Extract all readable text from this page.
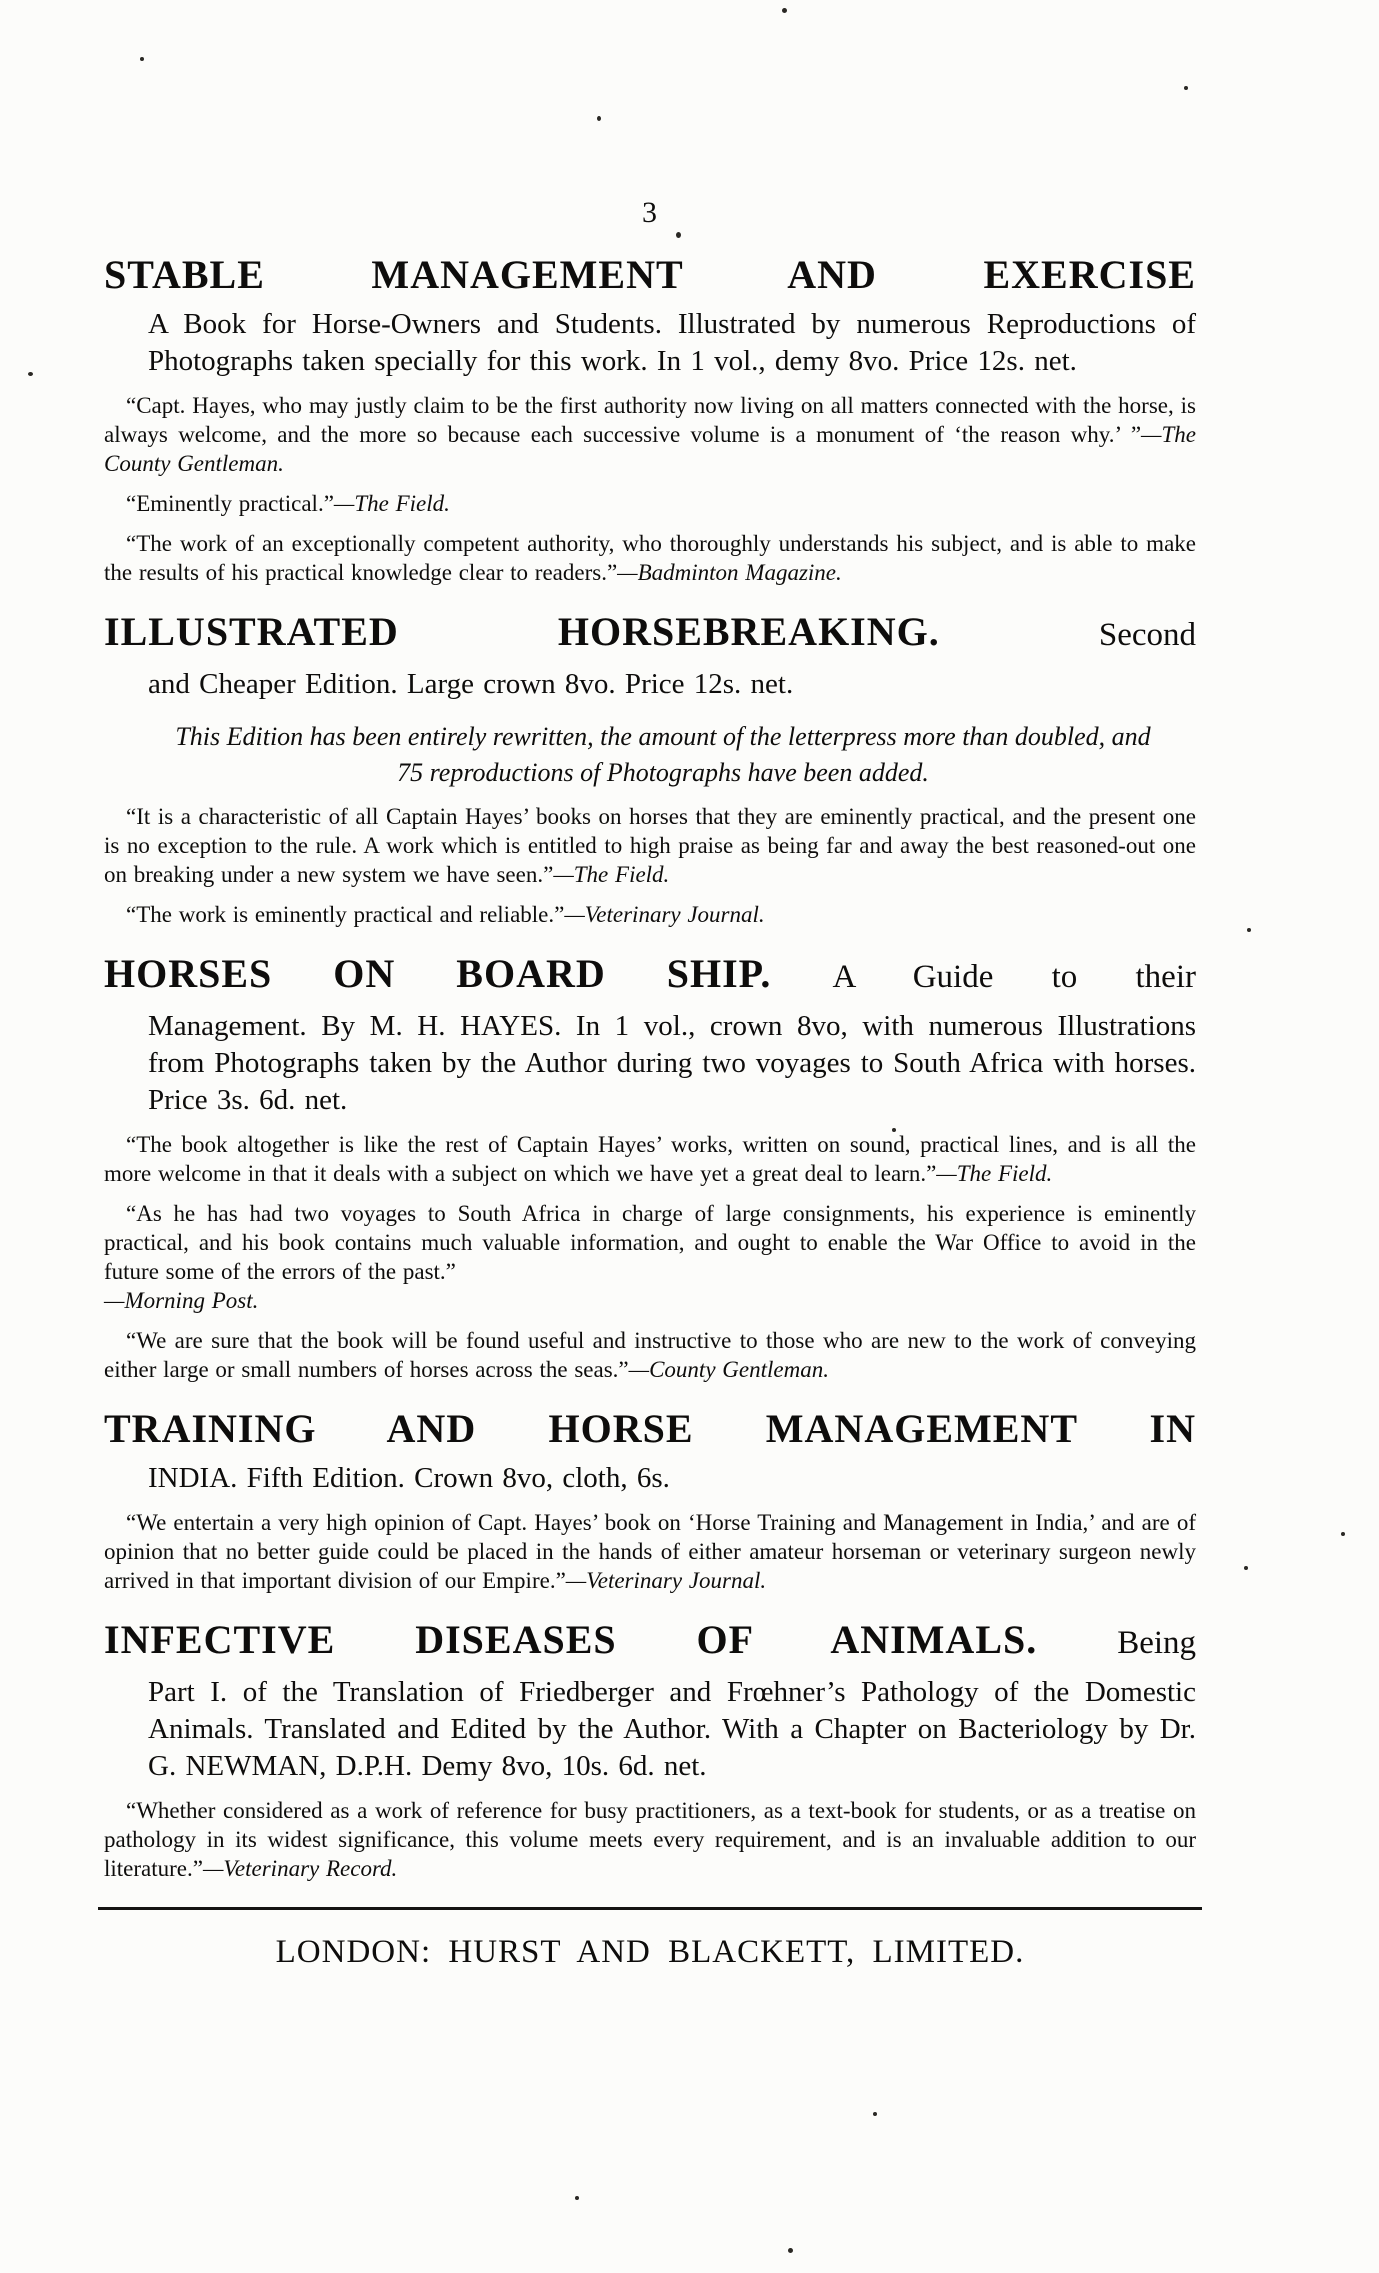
3
STABLE MANAGEMENT AND EXERCISE

A Book for Horse-Owners and Students. Illustrated by numerous Reproductions of Photographs taken specially for this work. In 1 vol., demy 8vo. Price 12s. net.

“Capt. Hayes, who may justly claim to be the first authority now living on all matters connected with the horse, is always welcome, and the more so because each successive volume is a monument of ‘the reason why.’ ”—The County Gentleman.

“Eminently practical.”—The Field.

“The work of an exceptionally competent authority, who thoroughly understands his subject, and is able to make the results of his practical knowledge clear to readers.”—Badminton Magazine.

ILLUSTRATED HORSEBREAKING.	Second

and Cheaper Edition. Large crown 8vo. Price 12s. net.

This Edition has been entirely rewritten, the amount of the letterpress more than doubled, and 75 reproductions of Photographs have been added.

“It is a characteristic of all Captain Hayes’ books on horses that they are eminently practical, and the present one is no exception to the rule. A work which is entitled to high praise as being far and away the best reasoned-out one on breaking under a new system we have seen.”—The Field.

“The work is eminently practical and reliable.”—Veterinary Journal.

HORSES ON BOARD SHIP. A Guide to their

Management. By M. H. HAYES. In 1 vol., crown 8vo, with numerous Illustrations from Photographs taken by the Author during two voyages to South Africa with horses. Price 3s. 6d. net.

“The book altogether is like the rest of Captain Hayes’ works, written on sound, practical lines, and is all the more welcome in that it deals with a subject on which we have yet a great deal to learn.”—The Field.

“As he has had two voyages to South Africa in charge of large consignments, his experience is eminently practical, and his book contains much valuable information, and ought to enable the War Office to avoid in the future some of the errors of the past.”
—Morning Post.

“We are sure that the book will be found useful and instructive to those who are new to the work of conveying either large or small numbers of horses across the seas.”—County Gentleman.

TRAINING AND HORSE MANAGEMENT IN

INDIA. Fifth Edition. Crown 8vo, cloth, 6s.

“We entertain a very high opinion of Capt. Hayes’ book on ‘Horse Training and Management in India,’ and are of opinion that no better guide could be placed in the hands of either amateur horseman or veterinary surgeon newly arrived in that important division of our Empire.”—Veterinary Journal.

INFECTIVE DISEASES OF ANIMALS. Being

Part I. of the Translation of Friedberger and Frœhner’s Pathology of the Domestic Animals. Translated and Edited by the Author. With a Chapter on Bacteriology by Dr. G. NEWMAN, D.P.H. Demy 8vo, 10s. 6d. net.

“Whether considered as a work of reference for busy practitioners, as a text-book for students, or as a treatise on pathology in its widest significance, this volume meets every requirement, and is an invaluable addition to our literature.”—Veterinary Record.

LONDON: HURST AND BLACKETT, LIMITED.
